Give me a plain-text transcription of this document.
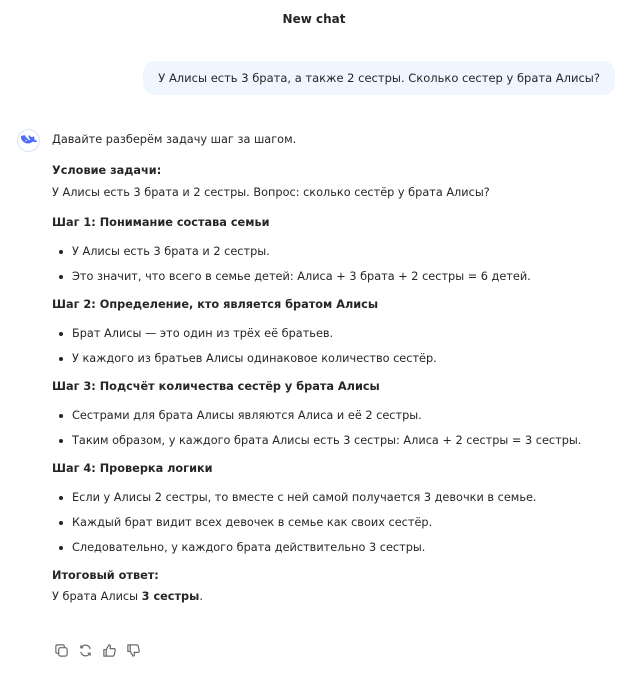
New chat
У Алисы есть 3 брата, а также 2 сестры. Сколько сестер у брата Алисы?

Давайте разберём задачу шаг за шагом.

Условие задачи:

У Алисы есть 3 брата и 2 сестры. Вопрос: сколько сестёр у брата Алисы?

Шаг 1: Понимание состава семьи

У Алисы есть 3 брата и 2 сестры.
Это значит, что всего в семье детей: Алиса + 3 брата + 2 сестры = 6 детей.

Шаг 2: Определение, кто является братом Алисы

Брат Алисы — это один из трёх её братьев.
У каждого из братьев Алисы одинаковое количество сестёр.

Шаг 3: Подсчёт количества сестёр у брата Алисы

Сестрами для брата Алисы являются Алиса и её 2 сестры.
Таким образом, у каждого брата Алисы есть 3 сестры: Алиса + 2 сестры = 3 сестры.

Шаг 4: Проверка логики

Если у Алисы 2 сестры, то вместе с ней самой получается 3 девочки в семье.
Каждый брат видит всех девочек в семье как своих сестёр.
Следовательно, у каждого брата действительно 3 сестры.

Итоговый ответ:

У брата Алисы 3 сестры.
